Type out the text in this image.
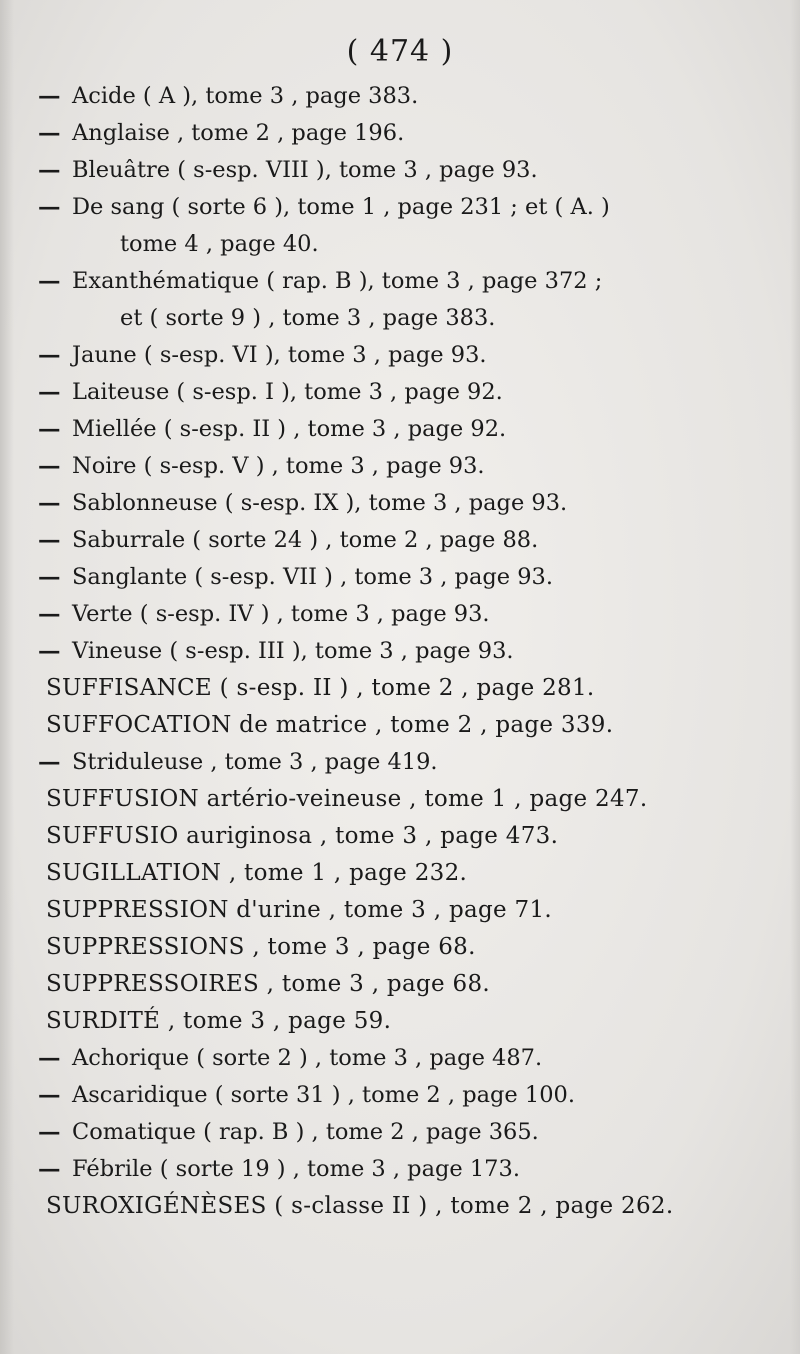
( 474 )
—Acide ( A ), tome 3 , page 383.
—Anglaise , tome 2 , page 196.
—Bleuâtre ( s-esp. VIII ), tome 3 , page 93.
—De sang ( sorte 6 ), tome 1 , page 231 ; et ( A. )
tome 4 , page 40.
—Exanthématique ( rap. B ), tome 3 , page 372 ;
et ( sorte 9 ) , tome 3 , page 383.
—Jaune ( s-esp. VI ), tome 3 , page 93.
—Laiteuse ( s-esp. I ), tome 3 , page 92.
—Miellée ( s-esp. II ) , tome 3 , page 92.
—Noire ( s-esp. V ) , tome 3 , page 93.
—Sablonneuse ( s-esp. IX ), tome 3 , page 93.
—Saburrale ( sorte 24 ) , tome 2 , page 88.
—Sanglante ( s-esp. VII ) , tome 3 , page 93.
—Verte ( s-esp. IV ) , tome 3 , page 93.
—Vineuse ( s-esp. III ), tome 3 , page 93.
SUFFISANCE ( s-esp. II ) , tome 2 , page 281.
SUFFOCATION de matrice , tome 2 , page 339.
—Striduleuse , tome 3 , page 419.
SUFFUSION artério-veineuse , tome 1 , page 247.
SUFFUSIO auriginosa , tome 3 , page 473.
SUGILLATION , tome 1 , page 232.
SUPPRESSION d'urine , tome 3 , page 71.
SUPPRESSIONS , tome 3 , page 68.
SUPPRESSOIRES , tome 3 , page 68.
SURDITÉ , tome 3 , page 59.
—Achorique ( sorte 2 ) , tome 3 , page 487.
—Ascaridique ( sorte 31 ) , tome 2 , page 100.
—Comatique ( rap. B ) , tome 2 , page 365.
—Fébrile ( sorte 19 ) , tome 3 , page 173.
SUROXIGÉNÈSES ( s-classe II ) , tome 2 , page 262.
